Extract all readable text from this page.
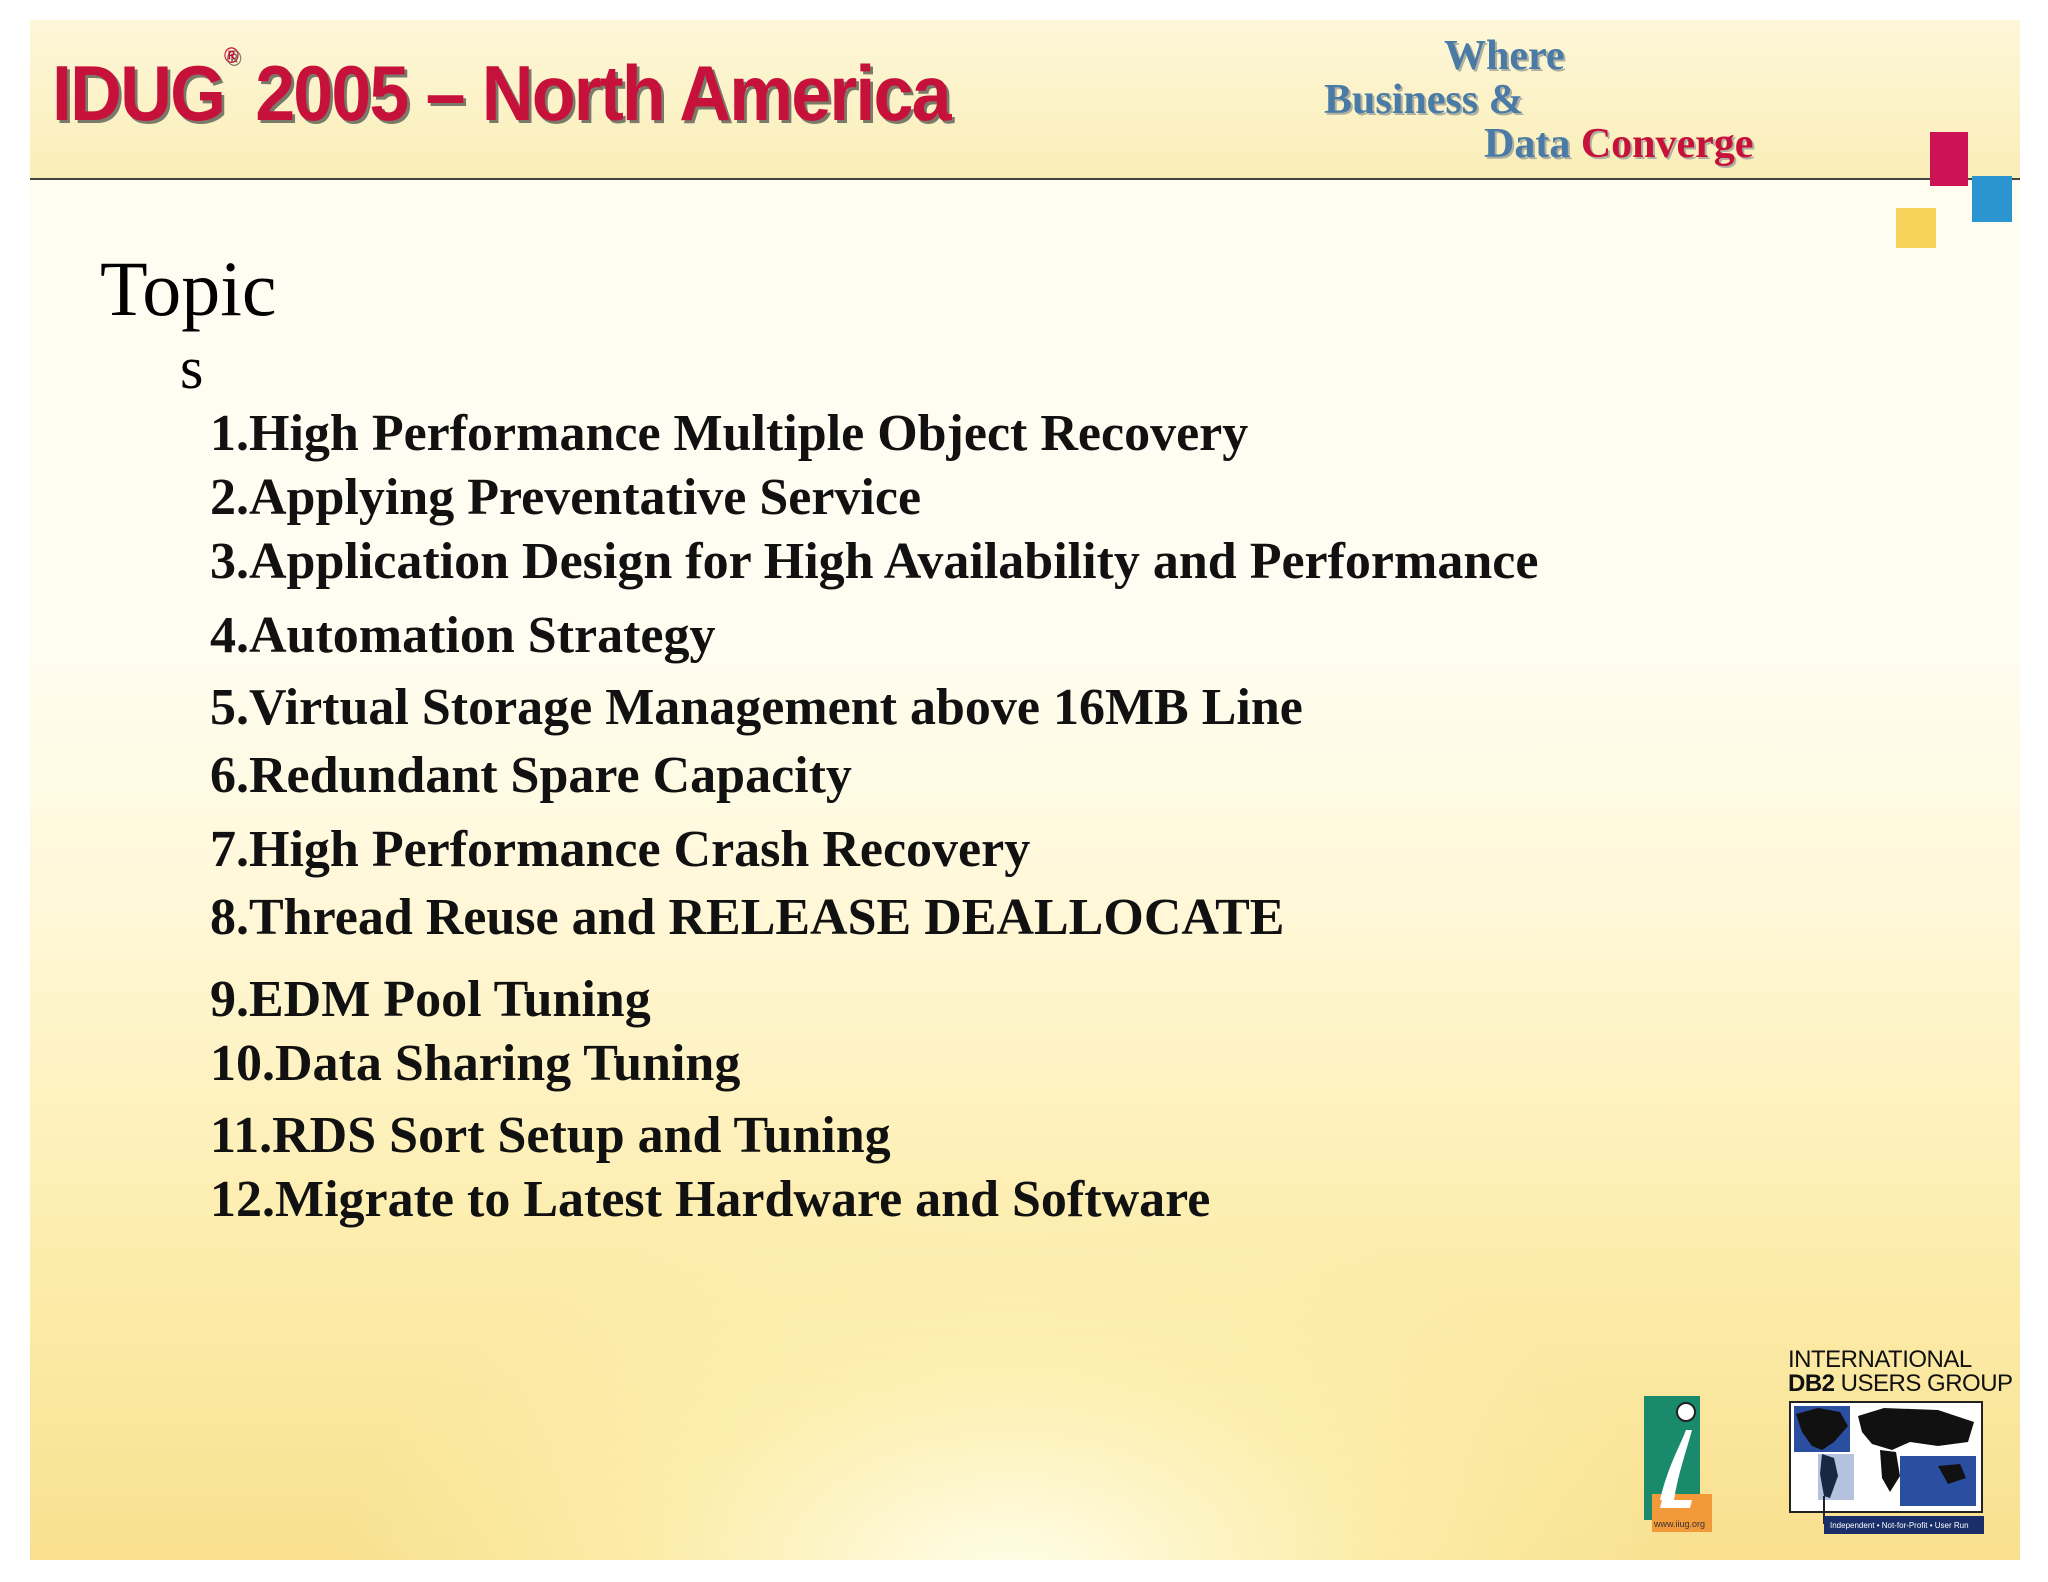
IDUG® 2005 – North America	Where
Business &
Data Converge
Topic
s
1.High Performance Multiple Object Recovery
2.Applying Preventative Service
3.Application Design for High Availability and Performance
4.Automation Strategy
5.Virtual Storage Management above 16MB Line
6.Redundant Spare Capacity
7.High Performance Crash Recovery
8.Thread Reuse and RELEASE DEALLOCATE
9.EDM Pool Tuning
10.Data Sharing Tuning
11.RDS Sort Setup and Tuning
12.Migrate to Latest Hardware and Software
www.iiug.org
INTERNATIONAL
DB2 USERS GROUP
Independent • Not-for-Profit • User Run
